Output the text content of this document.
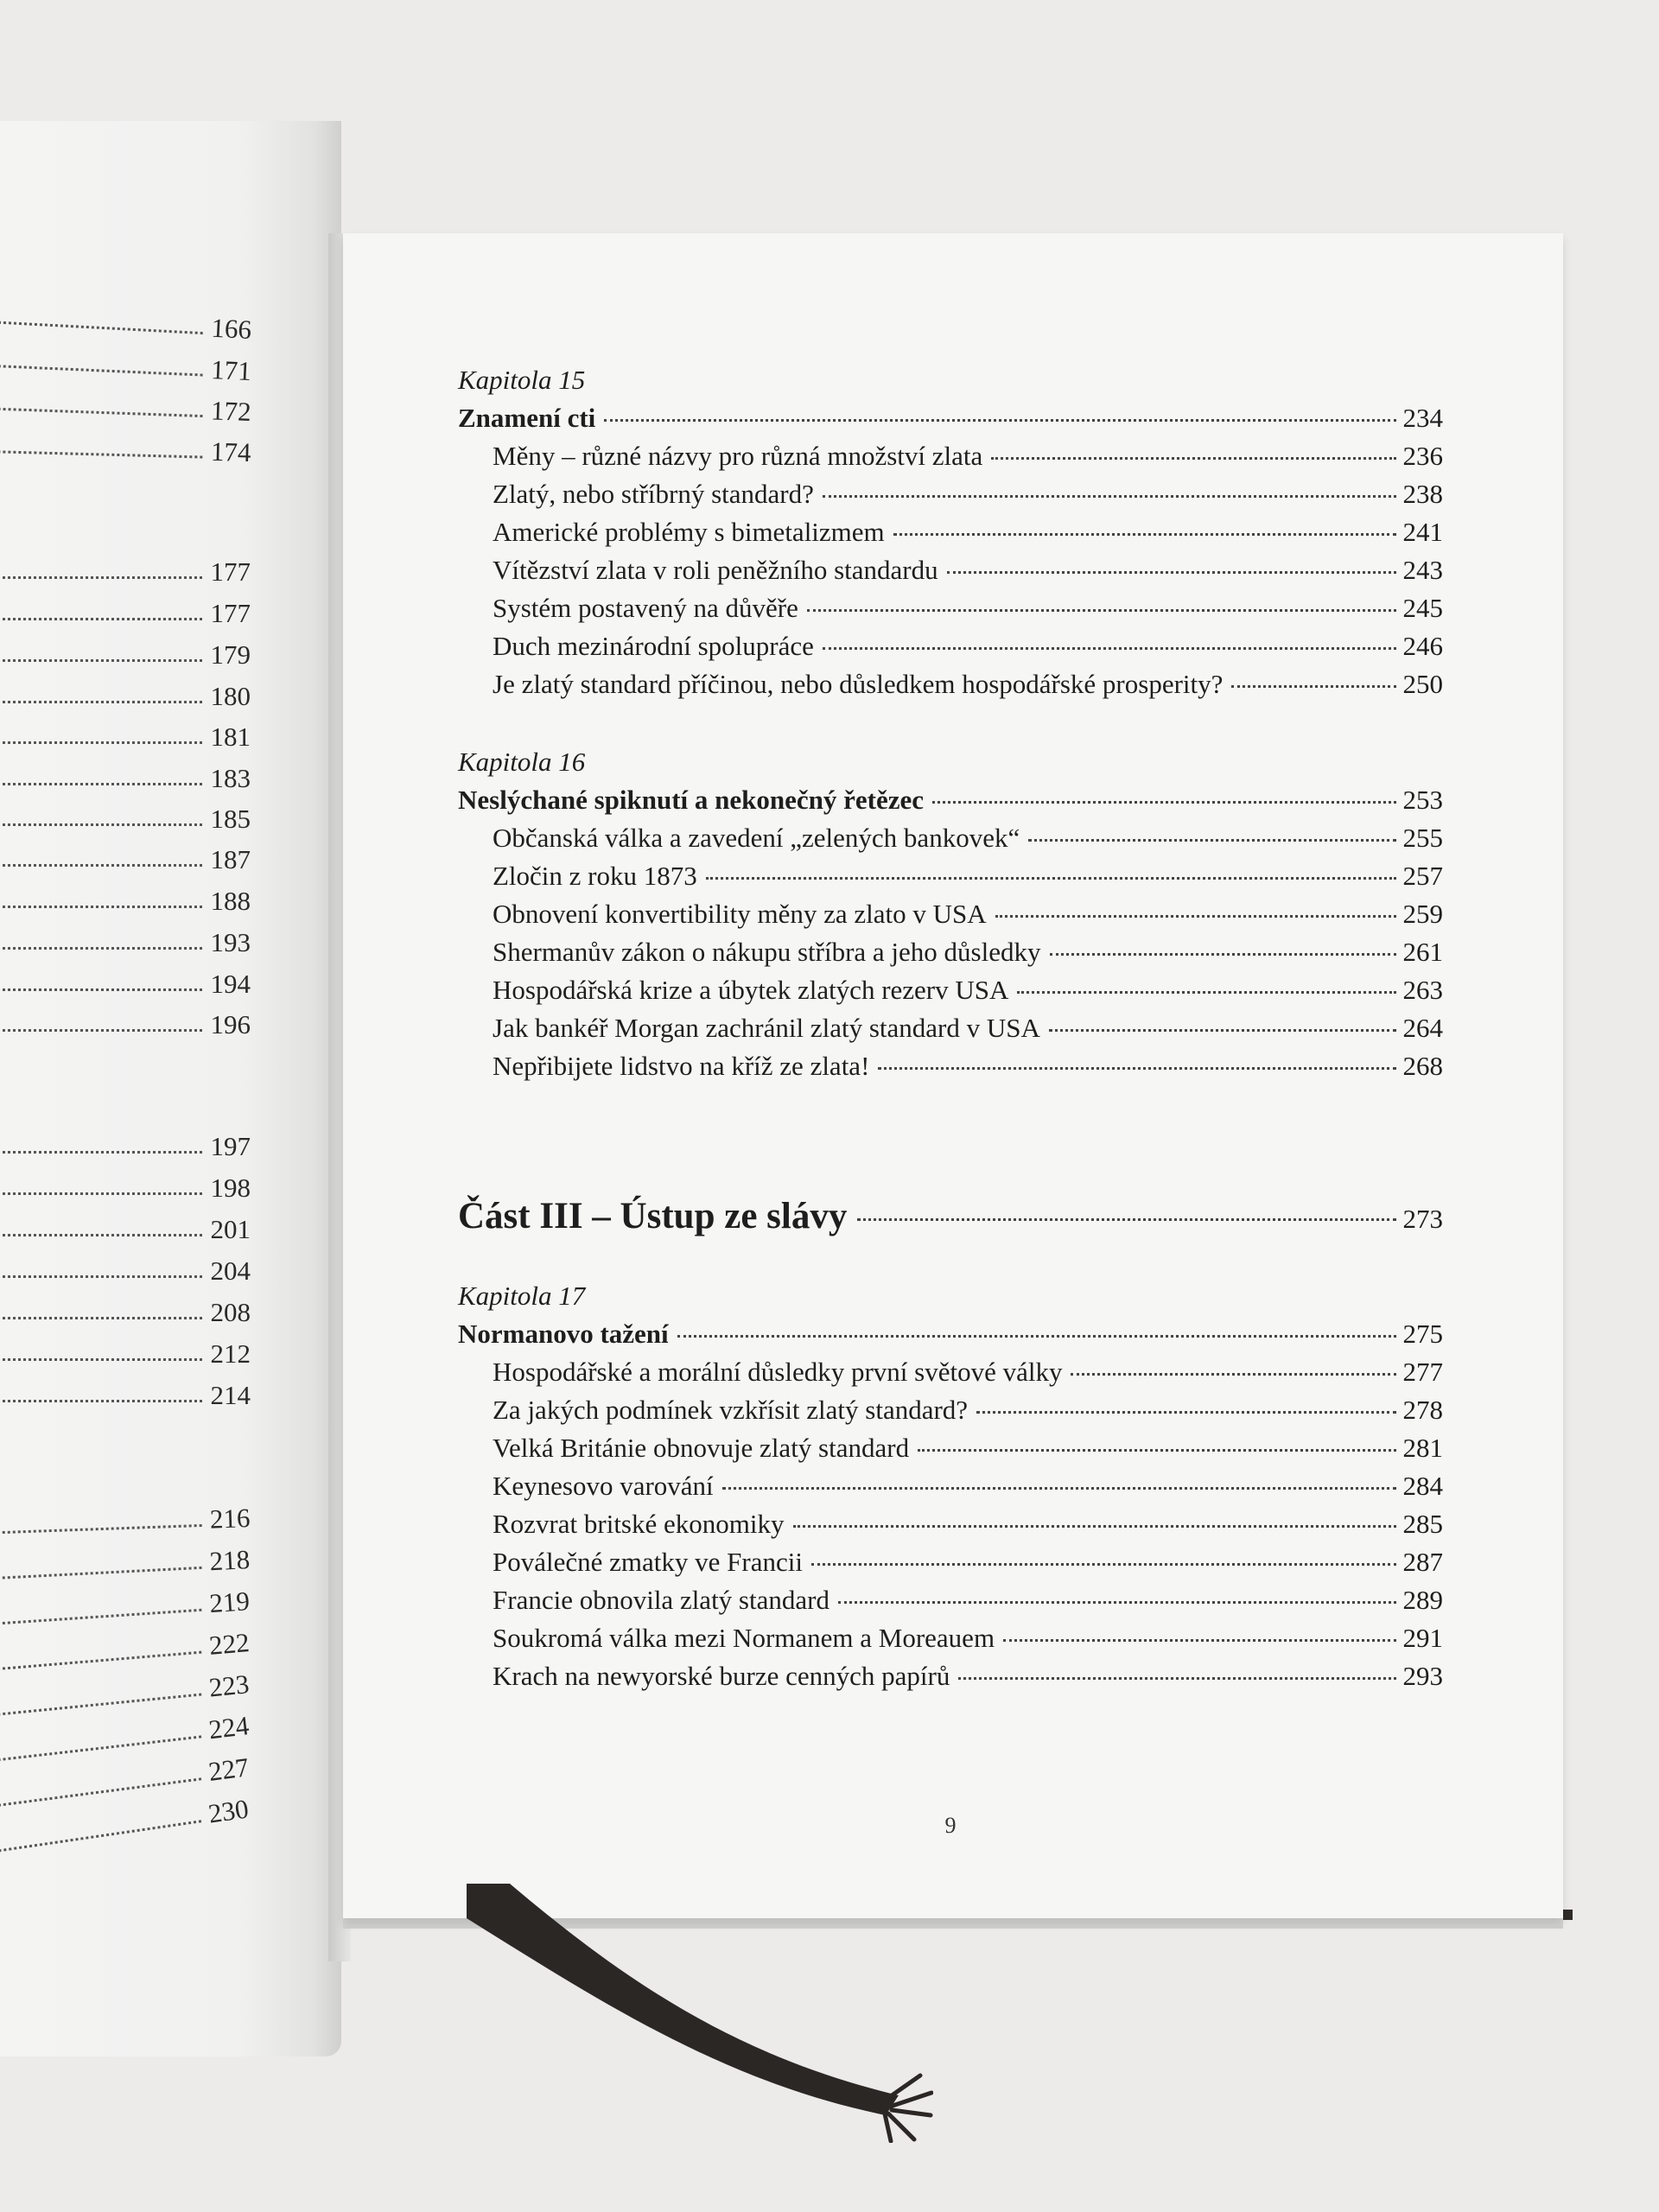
166
171
172
174
177
177
179
180
181
183
185
187
188
193
194
196
197
198
201
204
208
212
214
216
218
219
222
223
224
227
230
Kapitola 15
Znamení cti	234
Měny – různé názvy pro různá množství zlata	236
Zlatý, nebo stříbrný standard?	238
Americké problémy s bimetalizmem	241
Vítězství zlata v roli peněžního standardu	243
Systém postavený na důvěře	245
Duch mezinárodní spolupráce	246
Je zlatý standard příčinou, nebo důsledkem hospodářské prosperity?	250
Kapitola 16
Neslýchané spiknutí a nekonečný řetězec	253
Občanská válka a zavedení „zelených bankovek“	255
Zločin z roku 1873	257
Obnovení konvertibility měny za zlato v USA	259
Shermanův zákon o nákupu stříbra a jeho důsledky	261
Hospodářská krize a úbytek zlatých rezerv USA	263
Jak bankéř Morgan zachránil zlatý standard v USA	264
Nepřibijete lidstvo na kříž ze zlata!	268
Část III – Ústup ze slávy	273
Kapitola 17
Normanovo tažení	275
Hospodářské a morální důsledky první světové války	277
Za jakých podmínek vzkřísit zlatý standard?	278
Velká Británie obnovuje zlatý standard	281
Keynesovo varování	284
Rozvrat britské ekonomiky	285
Poválečné zmatky ve Francii	287
Francie obnovila zlatý standard	289
Soukromá válka mezi Normanem a Moreauem	291
Krach na newyorské burze cenných papírů	293
9
